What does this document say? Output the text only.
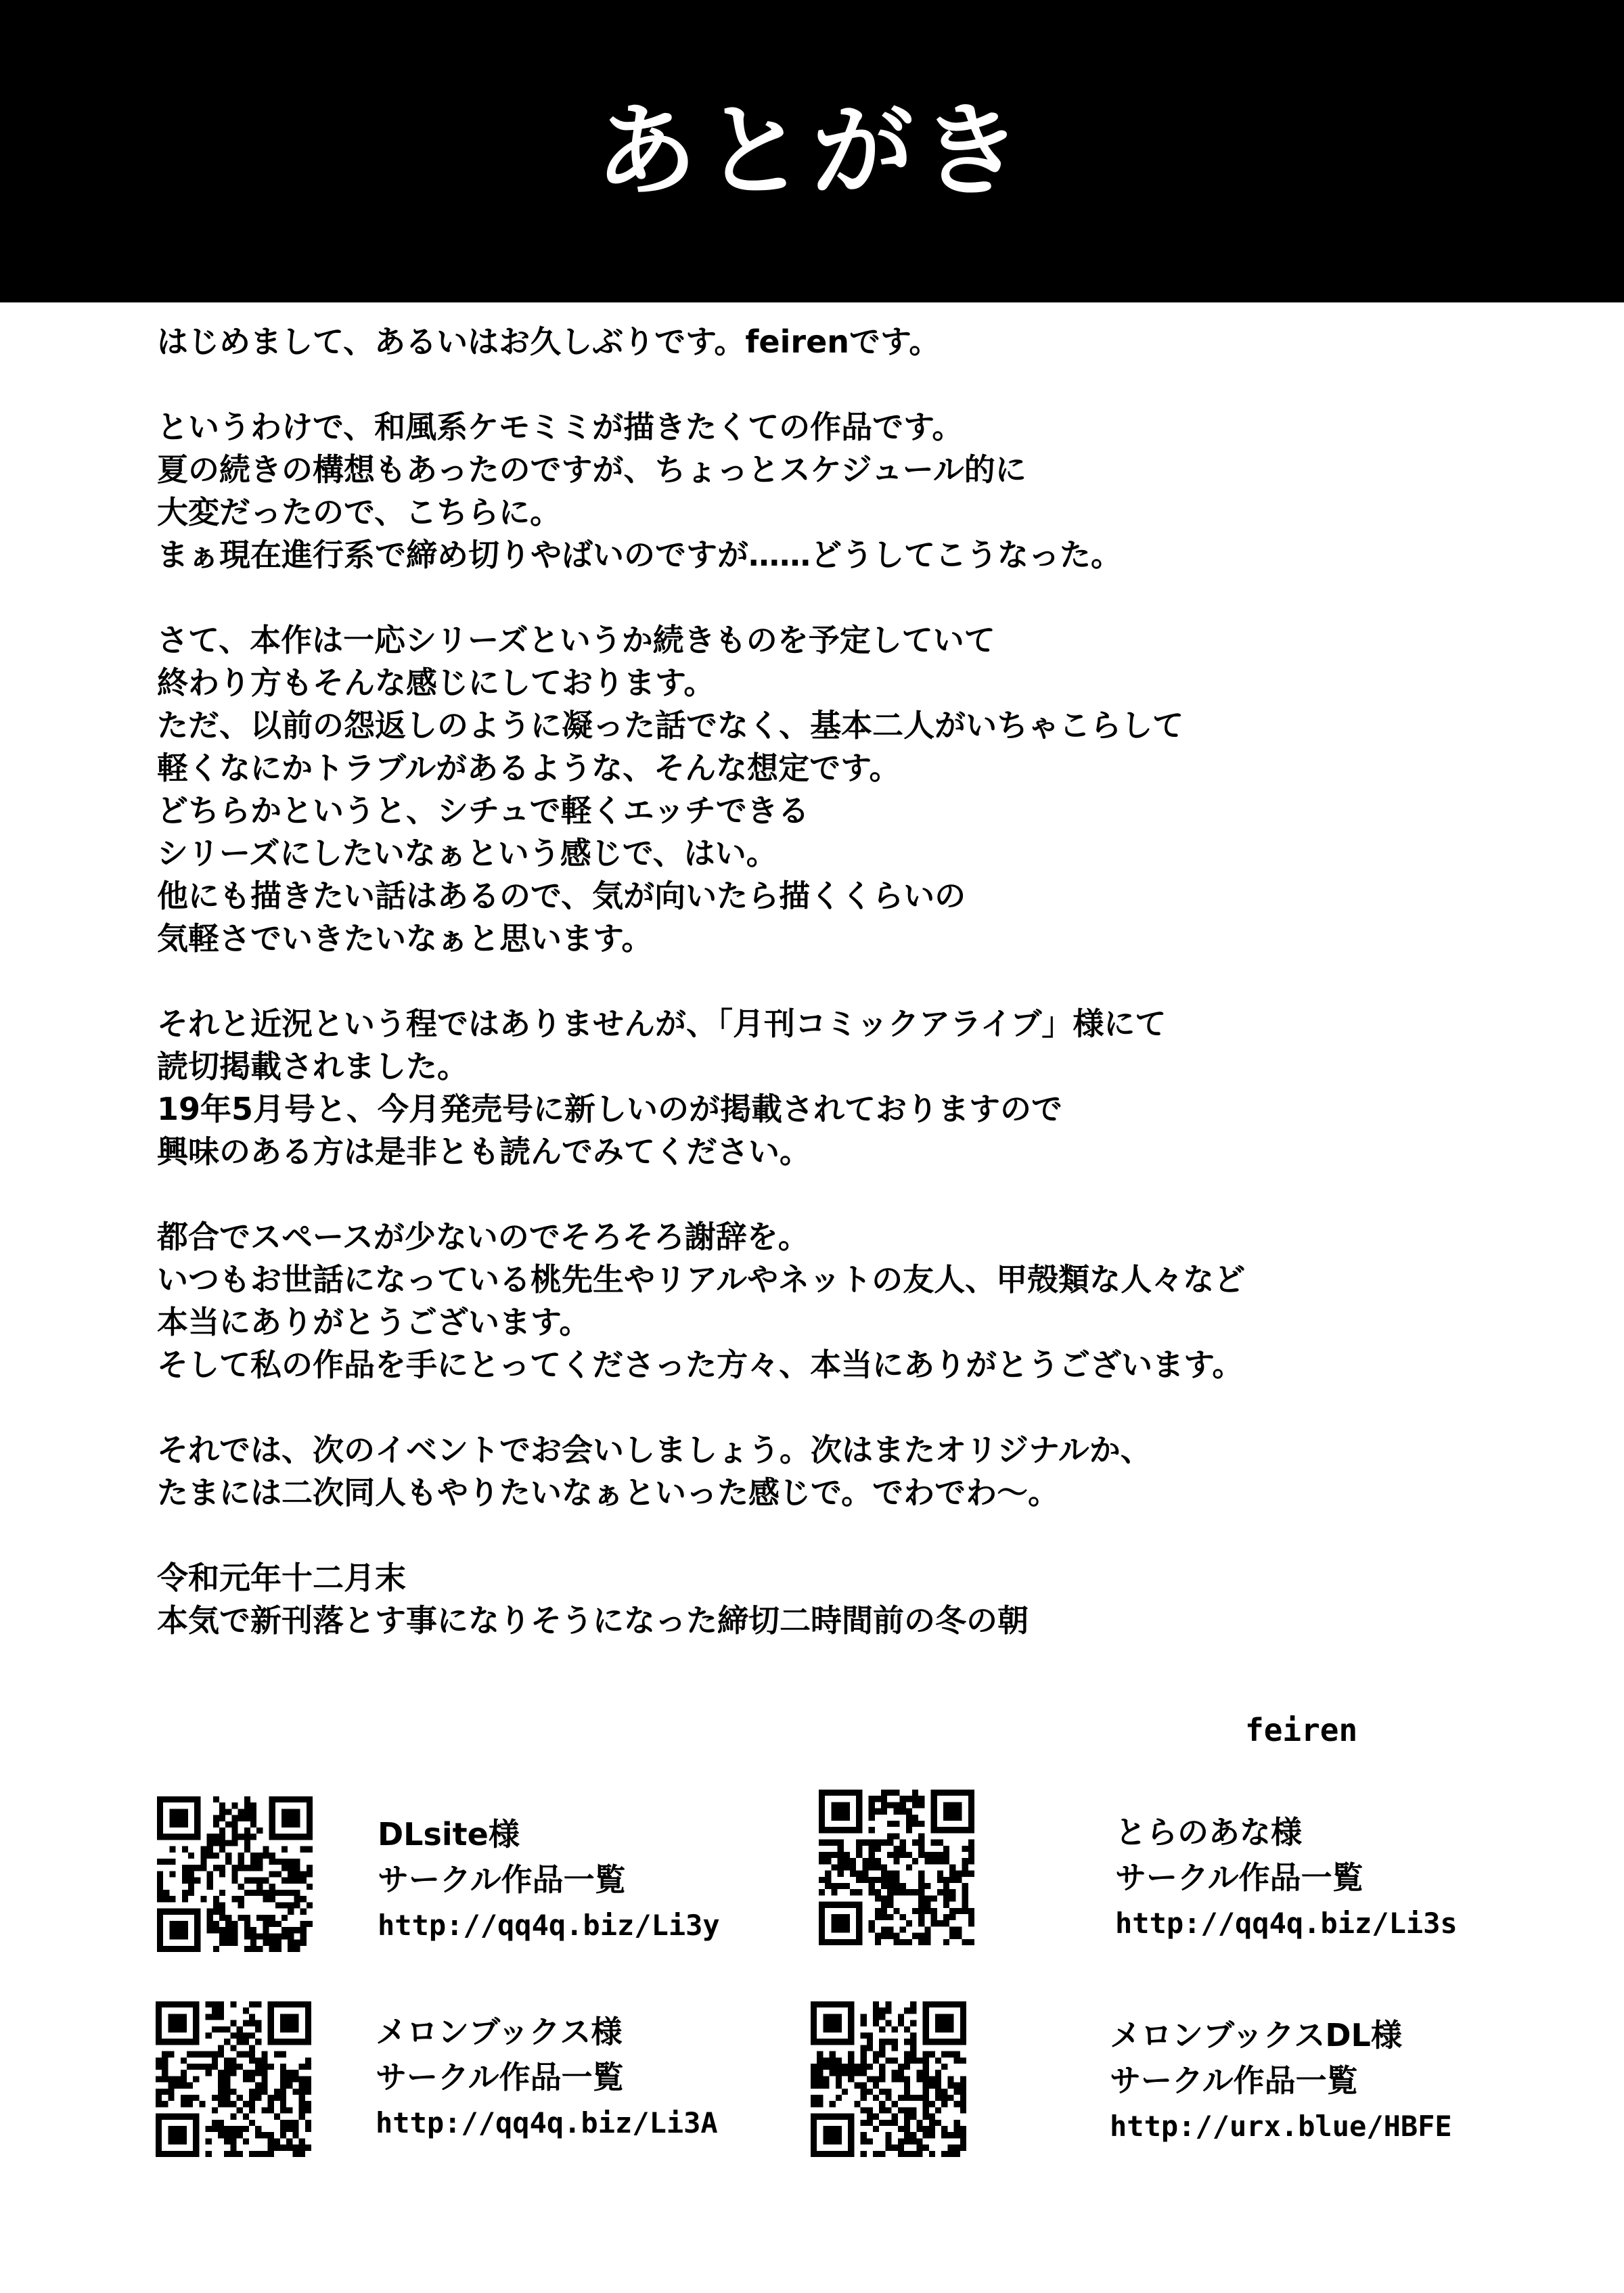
あとがき
はじめまして、あるいはお久しぶりです。feirenです。
というわけで、和風系ケモミミが描きたくての作品です。
夏の続きの構想もあったのですが、ちょっとスケジュール的に
大変だったので、こちらに。
まぁ現在進行系で締め切りやばいのですが……どうしてこうなった。
さて、本作は一応シリーズというか続きものを予定していて
終わり方もそんな感じにしております。
ただ、以前の怨返しのように凝った話でなく、基本二人がいちゃこらして
軽くなにかトラブルがあるような、そんな想定です。
どちらかというと、シチュで軽くエッチできる
シリーズにしたいなぁという感じで、はい。
他にも描きたい話はあるので、気が向いたら描くくらいの
気軽さでいきたいなぁと思います。
それと近況という程ではありませんが、「月刊コミックアライブ」様にて
読切掲載されました。
19年5月号と、今月発売号に新しいのが掲載されておりますので
興味のある方は是非とも読んでみてください。
都合でスペースが少ないのでそろそろ謝辞を。
いつもお世話になっている桃先生やリアルやネットの友人、甲殻類な人々など
本当にありがとうございます。
そして私の作品を手にとってくださった方々、本当にありがとうございます。
それでは、次のイベントでお会いしましょう。次はまたオリジナルか、
たまには二次同人もやりたいなぁといった感じで。でわでわ～。
令和元年十二月末
本気で新刊落とす事になりそうになった締切二時間前の冬の朝
feiren
DLsite様
サークル作品一覧
http://qq4q.biz/Li3y
とらのあな様
サークル作品一覧
http://qq4q.biz/Li3s
メロンブックス様
サークル作品一覧
http://qq4q.biz/Li3A
メロンブックスDL様
サークル作品一覧
http://urx.blue/HBFE
